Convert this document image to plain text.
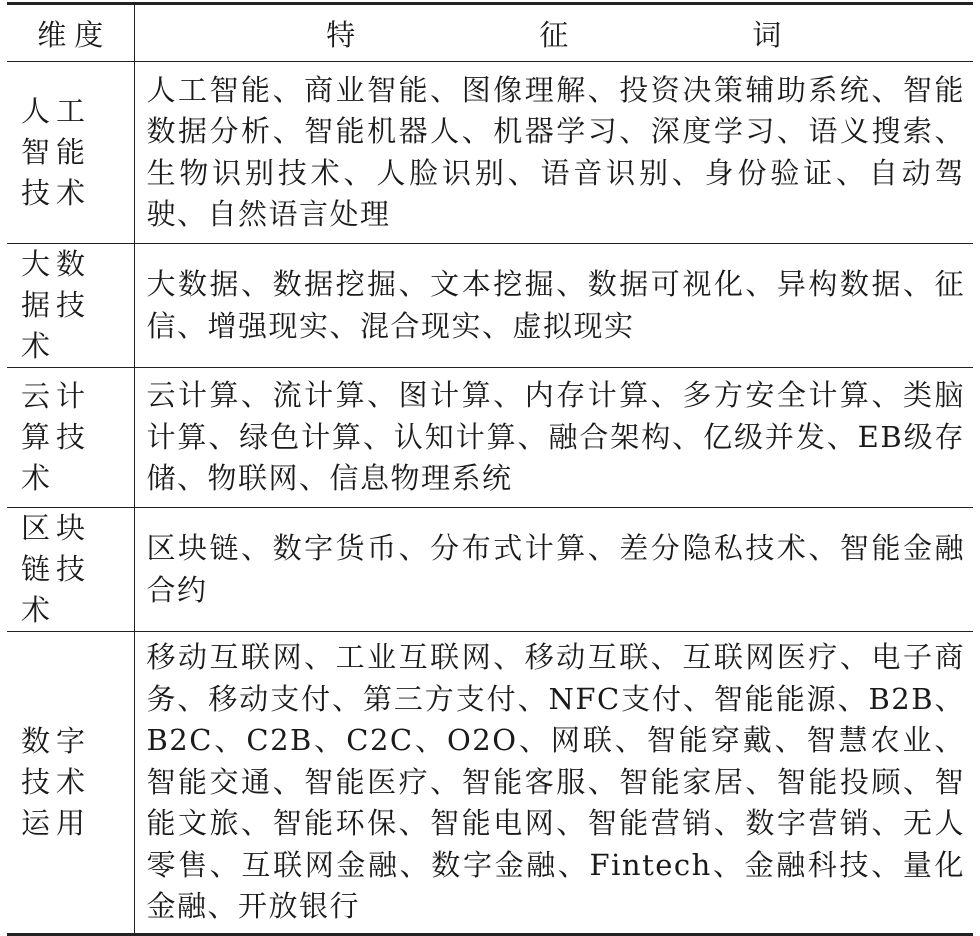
维 度	特 征 词
人工智能技术	人工智能、商业智能、图像理解、投资决策辅助系统、智能数据分析、智能机器人、机器学习、深度学习、语义搜索、生物识别技术、人脸识别、语音识别、身份验证、自动驾驶、自然语言处理
大数据技术	大数据、数据挖掘、文本挖掘、数据可视化、异构数据、征信、增强现实、混合现实、虚拟现实
云计算技术	云计算、流计算、图计算、内存计算、多方安全计算、类脑计算、绿色计算、认知计算、融合架构、亿级并发、EB级存储、物联网、信息物理系统
区块链技术	区块链、数字货币、分布式计算、差分隐私技术、智能金融合约
数字技术运用	移动互联网、工业互联网、移动互联、互联网医疗、电子商务、移动支付、第三方支付、NFC支付、智能能源、B2B、B2C、C2B、C2C、O2O、网联、智能穿戴、智慧农业、智能交通、智能医疗、智能客服、智能家居、智能投顾、智能文旅、智能环保、智能电网、智能营销、数字营销、无人零售、互联网金融、数字金融、Fintech、金融科技、量化金融、开放银行
